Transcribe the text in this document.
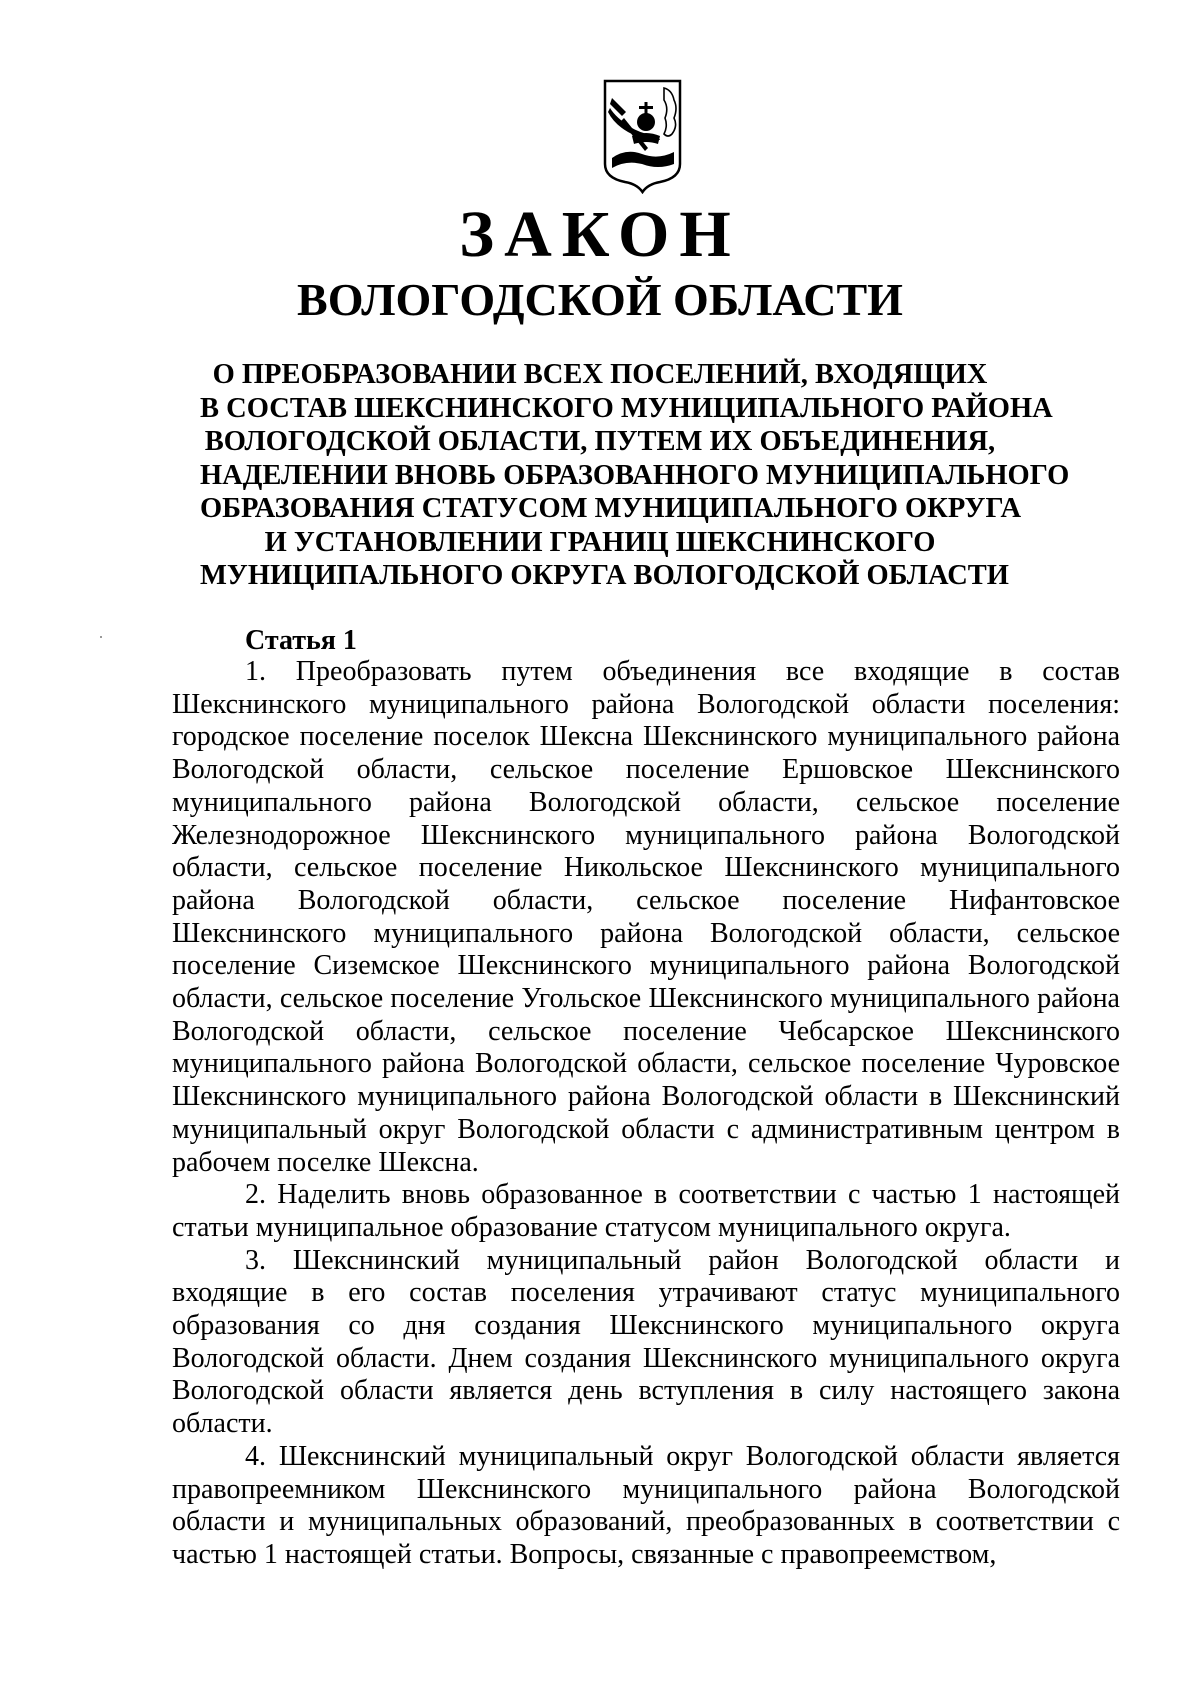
ЗАКОН
ВОЛОГОДСКОЙ ОБЛАСТИ
О ПРЕОБРАЗОВАНИИ ВСЕХ ПОСЕЛЕНИЙ, ВХОДЯЩИХ
В СОСТАВ ШЕКСНИНСКОГО МУНИЦИПАЛЬНОГО РАЙОНА
ВОЛОГОДСКОЙ ОБЛАСТИ, ПУТЕМ ИХ ОБЪЕДИНЕНИЯ,
НАДЕЛЕНИИ ВНОВЬ ОБРАЗОВАННОГО МУНИЦИПАЛЬНОГО
ОБРАЗОВАНИЯ СТАТУСОМ МУНИЦИПАЛЬНОГО ОКРУГА
И УСТАНОВЛЕНИИ ГРАНИЦ ШЕКСНИНСКОГО
МУНИЦИПАЛЬНОГО ОКРУГА ВОЛОГОДСКОЙ ОБЛАСТИ
Статья 1

1. Преобразовать путем объединения все входящие в состав Шекснинского муниципального района Вологодской области поселения: городское поселение поселок Шексна Шекснинского муниципального района Вологодской области, сельское поселение Ершовское Шекснинского муниципального района Вологодской области, сельское поселение Железнодорожное Шекснинского муниципального района Вологодской области, сельское поселение Никольское Шекснинского муниципального района Вологодской области, сельское поселение Нифантовское Шекснинского муниципального района Вологодской области, сельское поселение Сиземское Шекснинского муниципального района Вологодской области, сельское поселение Угольское Шекснинского муниципального района Вологодской области, сельское поселение Чебсарское Шекснинского муниципального района Вологодской области, сельское поселение Чуровское Шекснинского муниципального района Вологодской области в Шекснинский муниципальный округ Вологодской области с административным центром в рабочем поселке Шексна.

2. Наделить вновь образованное в соответствии с частью 1 настоящей статьи муниципальное образование статусом муниципального округа.

3. Шекснинский муниципальный район Вологодской области и входящие в его состав поселения утрачивают статус муниципального образования со дня создания Шекснинского муниципального округа Вологодской области. Днем создания Шекснинского муниципального округа Вологодской области является день вступления в силу настоящего закона области.

4. Шекснинский муниципальный округ Вологодской области является правопреемником Шекснинского муниципального района Вологодской области и муниципальных образований, преобразованных в соответствии с частью 1 настоящей статьи. Вопросы, связанные с правопреемством,
